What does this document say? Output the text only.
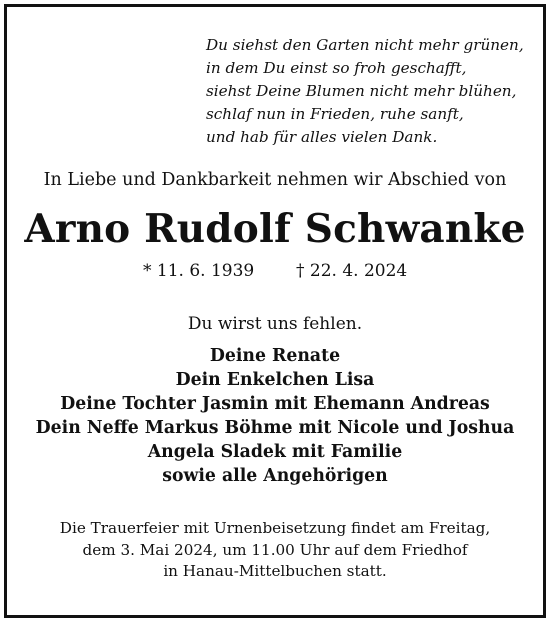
Du siehst den Garten nicht mehr grünen,
in dem Du einst so froh geschafft,
siehst Deine Blumen nicht mehr blühen,
schlaf nun in Frieden, ruhe sanft,
und hab für alles vielen Dank.
In Liebe und Dankbarkeit nehmen wir Abschied von
Arno Rudolf Schwanke
* 11. 6. 1939 † 22. 4. 2024
Du wirst uns fehlen.
Deine Renate
Dein Enkelchen Lisa
Deine Tochter Jasmin mit Ehemann Andreas
Dein Neffe Markus Böhme mit Nicole und Joshua
Angela Sladek mit Familie
sowie alle Angehörigen
Die Trauerfeier mit Urnenbeisetzung findet am Freitag,
dem 3. Mai 2024, um 11.00 Uhr auf dem Friedhof
in Hanau-Mittelbuchen statt.
